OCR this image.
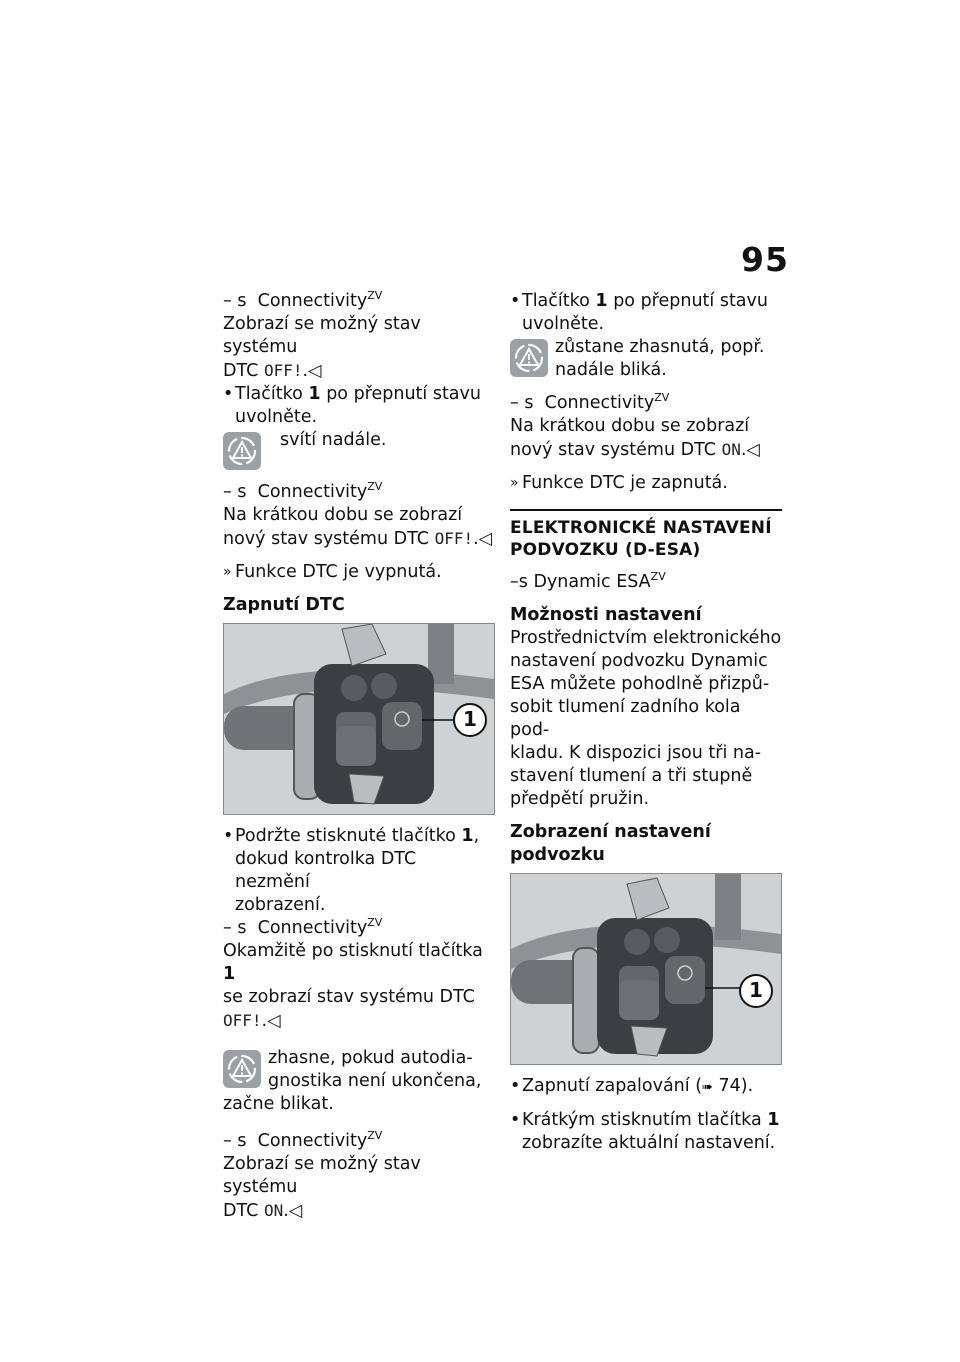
95

– s Connectivity$^{ZV}$

Zobrazí se možný stav systému

DTC OFF!.◁

• Tlačítko 1 po přepnutí stavu
uvolněte.
svítí nadále.

– s Connectivity$^{ZV}$

Na krátkou dobu se zobrazí

nový stav systému DTC OFF!.◁

» Funkce DTC je vypnutá.

Zapnutí DTC

1
• Podržte stisknuté tlačítko 1,
dokud kontrolka DTC nezmění
zobrazení.

– s Connectivity$^{ZV}$

Okamžitě po stisknutí tlačítka 1

se zobrazí stav systému DTC

OFF!.◁

zhasne, pokud autodia-
gnostika není ukončena,

začne blikat.

– s Connectivity$^{ZV}$

Zobrazí se možný stav systému

DTC ON.◁

• Tlačítko 1 po přepnutí stavu
uvolněte.
zůstane zhasnutá, popř.
nadále bliká.

– s Connectivity$^{ZV}$

Na krátkou dobu se zobrazí

nový stav systému DTC ON.◁

» Funkce DTC je zapnutá.
ELEKTRONICKÉ NASTAVENÍ
PODVOZKU (D-ESA)

–s Dynamic $ESA^{ZV}$

Možnosti nastavení

Prostřednictvím elektronického

nastavení podvozku Dynamic

ESA můžete pohodlně přizpů-

sobit tlumení zadního kola pod-

kladu. K dispozici jsou tři na-

stavení tlumení a tři stupně

předpětí pružin.

Zobrazení nastavení podvozku

1
• Zapnutí zapalování (➠ 74).
• Krátkým stisknutím tlačítka 1
zobrazíte aktuální nastavení.
